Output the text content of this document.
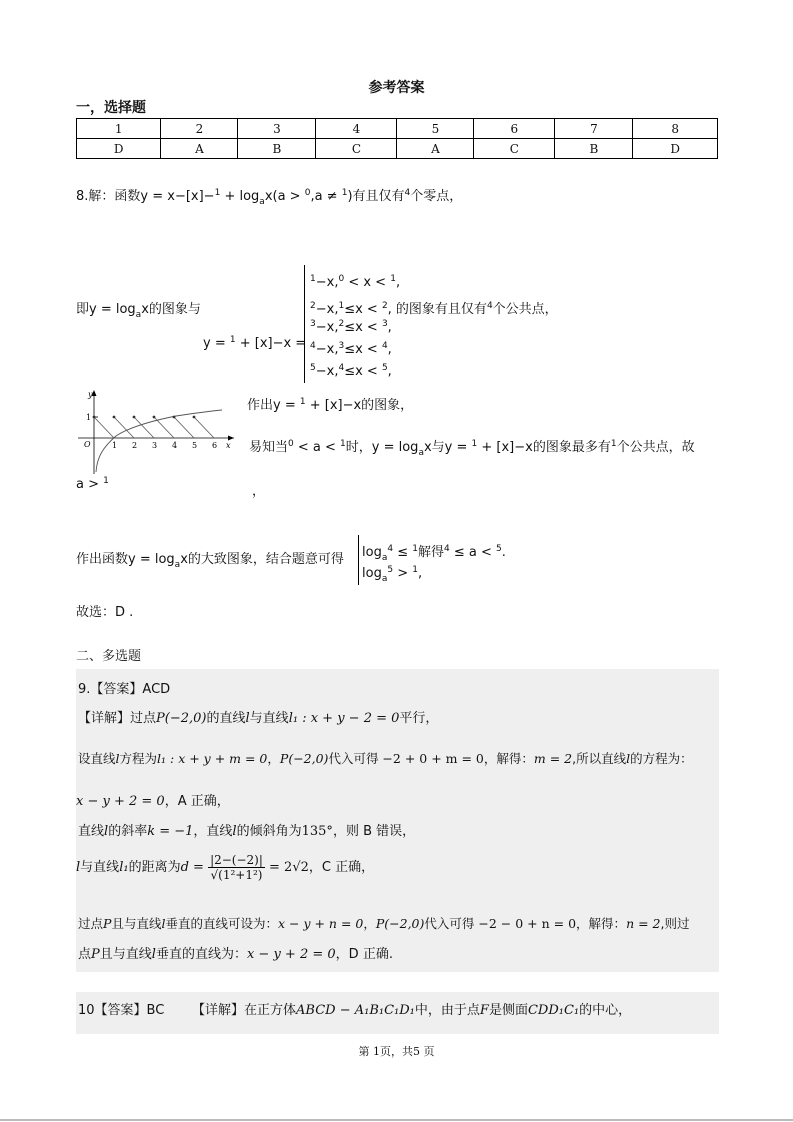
参考答案
一，选择题
1	2	3	4	5	6	7	8
D	A	B	C	A	C	B	D
8.解：函数$y = x-[x]-^1 + \log_ax(a > ^0,a \ne ^1)$有且仅有$^4$个零点，
即$y = \log_ax$的图象与
y = $^1$ + [x]−x =
$^1$−x,$^0$ < x < $^1$,
$^2$−x,$^1$≤x < $^2$, 的图象有且仅有$^4$个公共点，
$^3$−x,$^2$≤x < $^3$,
$^4$−x,$^3$≤x < $^4$,
$^5$−x,$^4$≤x < $^5$,
y
1
O	1 2 3 4 5 6 x
作出y = $^1$ + [x]−x的图象，
易知当$^0$ < a < $^1$时，$y = \log_ax$与y = $^1$ + [x]−x的图象最多有$^1$个公共点，故
a > $^1$
，
作出函数$y = \log_ax$的大致图象，结合题意可得 $\log_a^4 \le ^1$解得$^4$ ≤ a < $^5$.
$\log_a^5 > ^1$,
故选：D .
二、多选题
9.【答案】ACD
【详解】过点P(−2,0)的直线l与直线l₁ : x + y − 2 = 0平行，
设直线l方程为l₁ : x + y + m = 0，P(−2,0)代入可得 −2 + 0 + m = 0，解得：m = 2,所以直线l的方程为：
x − y + 2 = 0，A 正确，
直线l的斜率k = −1，直线l的倾斜角为135°，则 B 错误，
l与直线l₁的距离为$d = \frac{|2-(-2)|}{\text{√(1²+1²)}} = 2√2$，C 正确，
过点P且与直线l垂直的直线可设为：x − y + n = 0，P(−2,0)代入可得 −2 − 0 + n = 0，解得：n = 2,则过
点P且与直线l垂直的直线为：x − y + 2 = 0，D 正确.
10【答案】BC 【详解】在正方体ABCD − A₁B₁C₁D₁中，由于点F是侧面CDD₁C₁的中心，
第 1页，共5 页
